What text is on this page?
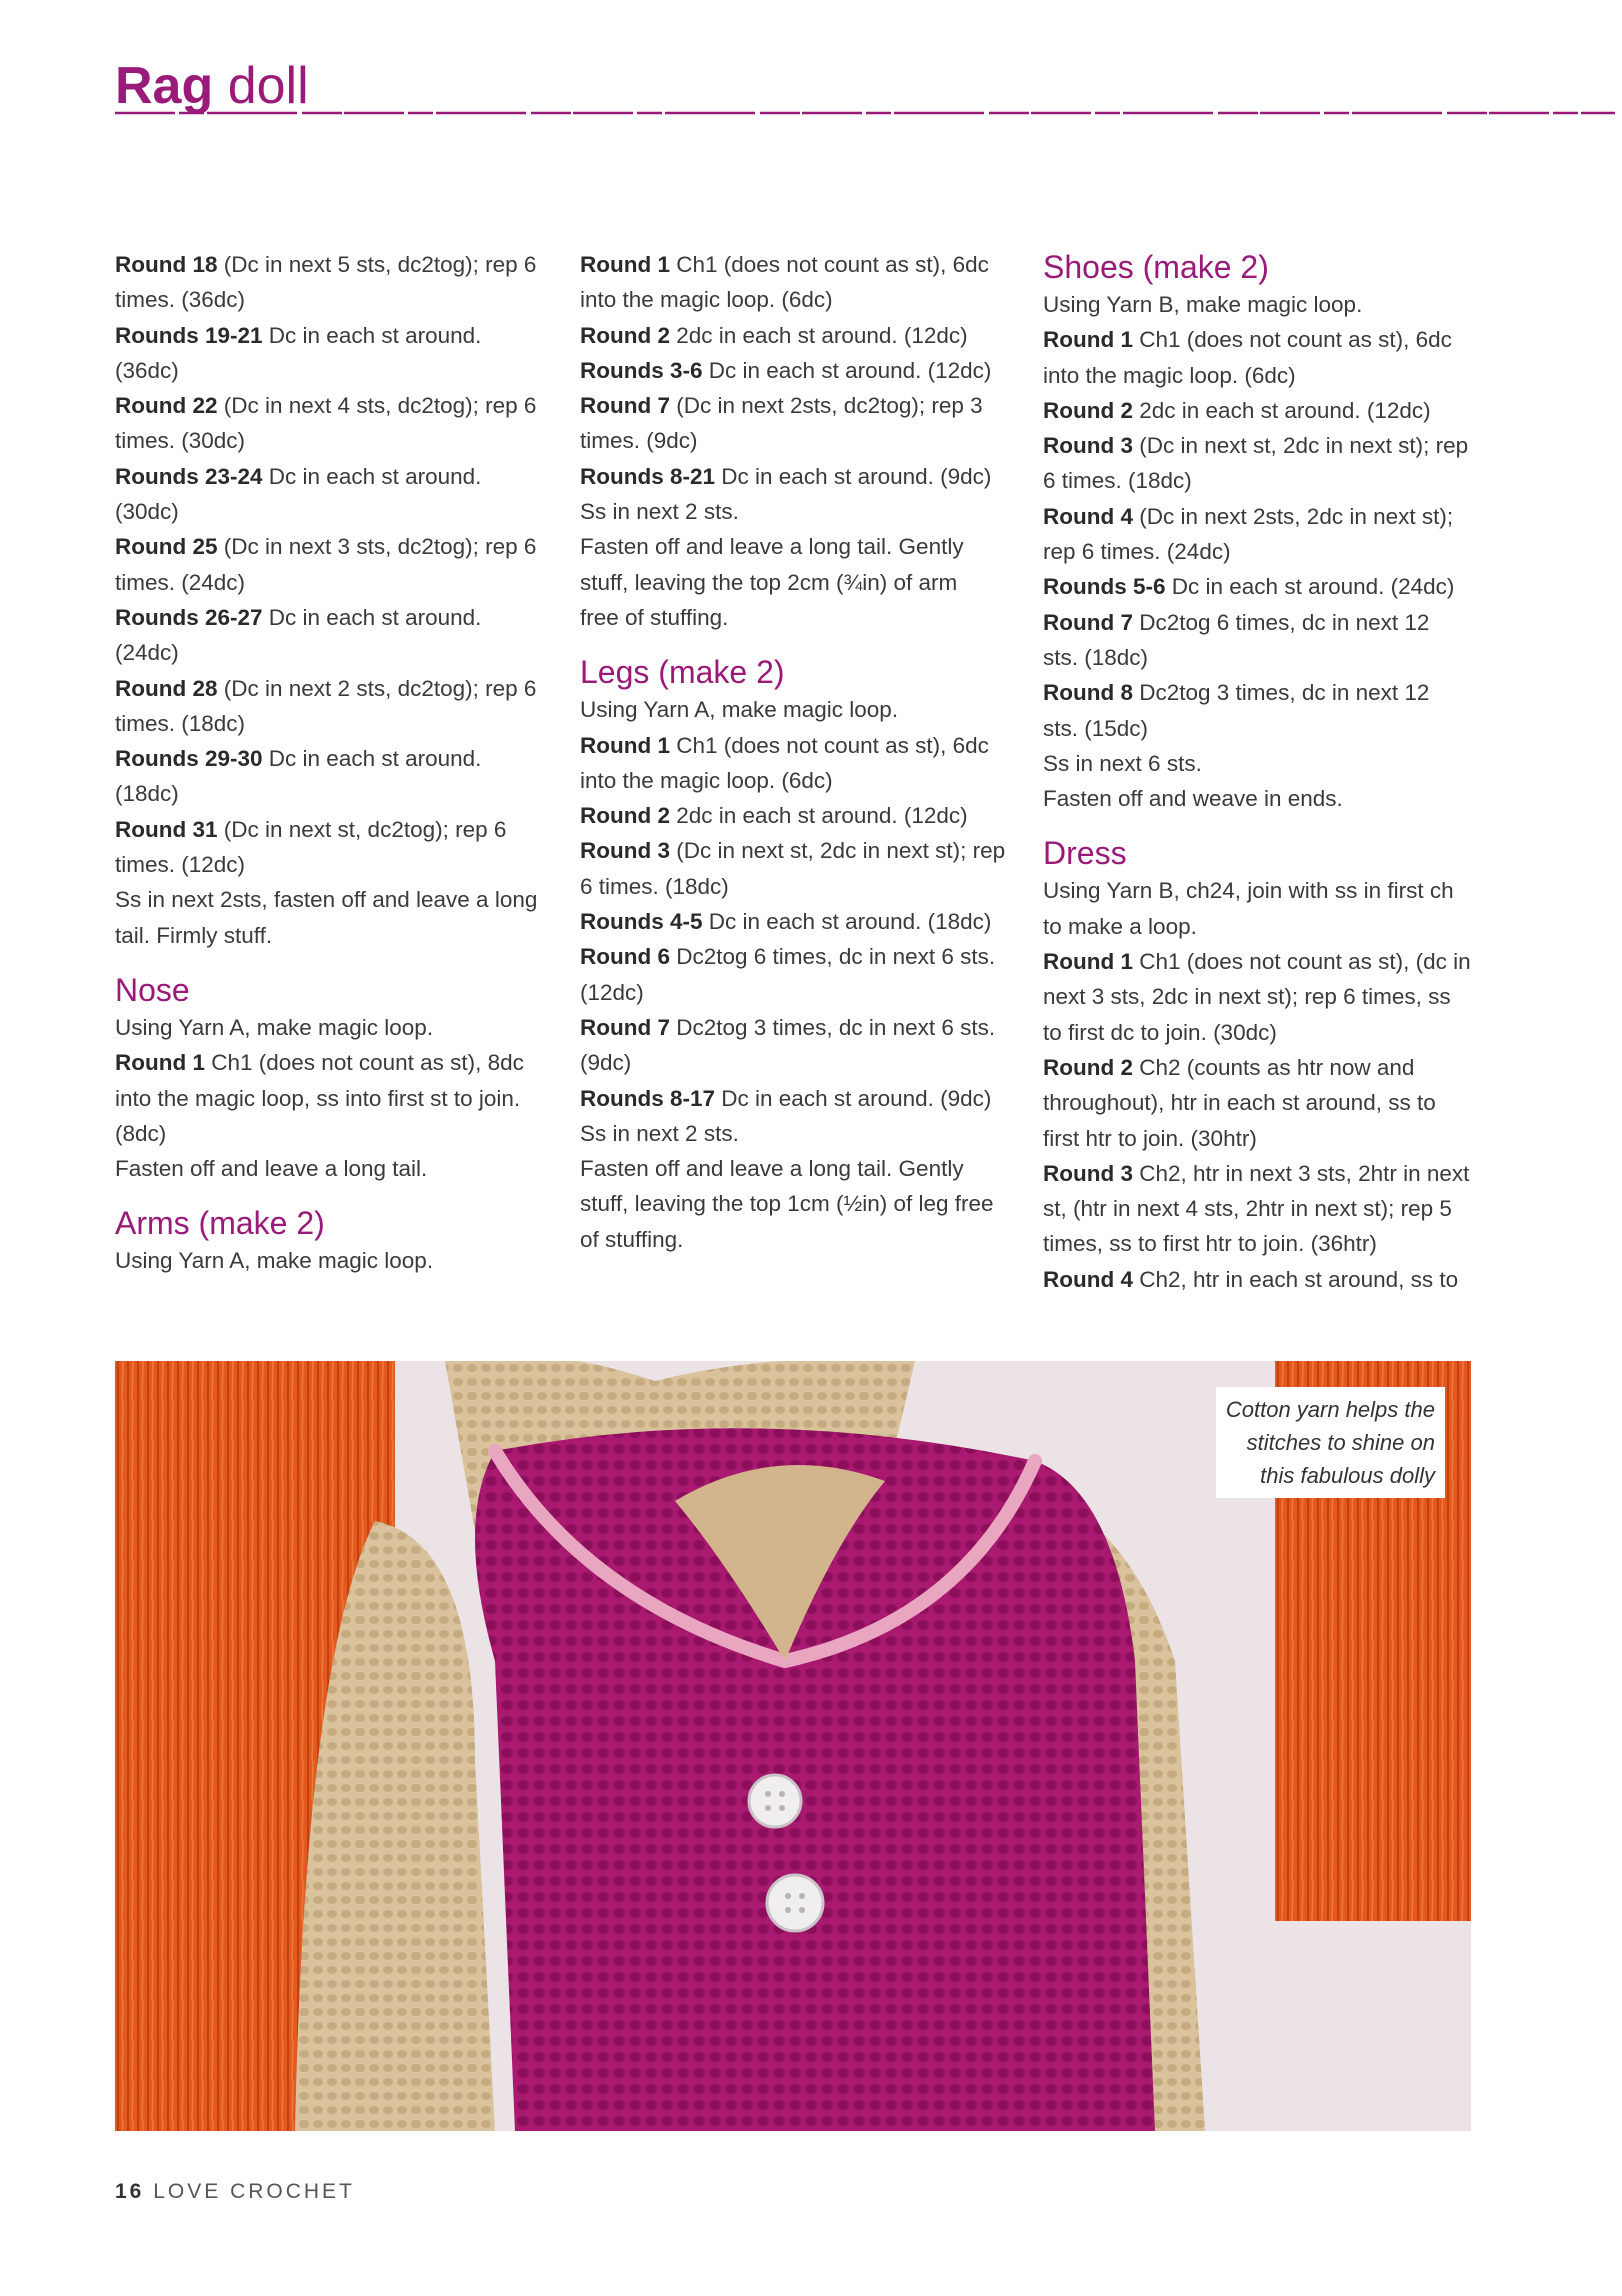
Rag doll
Round 18 (Dc in next 5 sts, dc2tog); rep 6
times. (36dc)
Rounds 19-21 Dc in each st around.
(36dc)
Round 22 (Dc in next 4 sts, dc2tog); rep 6
times. (30dc)
Rounds 23-24 Dc in each st around.
(30dc)
Round 25 (Dc in next 3 sts, dc2tog); rep 6
times. (24dc)
Rounds 26-27 Dc in each st around.
(24dc)
Round 28 (Dc in next 2 sts, dc2tog); rep 6
times. (18dc)
Rounds 29-30 Dc in each st around.
(18dc)
Round 31 (Dc in next st, dc2tog); rep 6
times. (12dc)
Ss in next 2sts, fasten off and leave a long
tail. Firmly stuff.
Nose
Using Yarn A, make magic loop.
Round 1 Ch1 (does not count as st), 8dc
into the magic loop, ss into first st to join.
(8dc)
Fasten off and leave a long tail.
Arms (make 2)
Using Yarn A, make magic loop.
Round 1 Ch1 (does not count as st), 6dc
into the magic loop. (6dc)
Round 2 2dc in each st around. (12dc)
Rounds 3-6 Dc in each st around. (12dc)
Round 7 (Dc in next 2sts, dc2tog); rep 3
times. (9dc)
Rounds 8-21 Dc in each st around. (9dc)
Ss in next 2 sts.
Fasten off and leave a long tail. Gently
stuff, leaving the top 2cm (¾in) of arm
free of stuffing.
Legs (make 2)
Using Yarn A, make magic loop.
Round 1 Ch1 (does not count as st), 6dc
into the magic loop. (6dc)
Round 2 2dc in each st around. (12dc)
Round 3 (Dc in next st, 2dc in next st); rep
6 times. (18dc)
Rounds 4-5 Dc in each st around. (18dc)
Round 6 Dc2tog 6 times, dc in next 6 sts.
(12dc)
Round 7 Dc2tog 3 times, dc in next 6 sts.
(9dc)
Rounds 8-17 Dc in each st around. (9dc)
Ss in next 2 sts.
Fasten off and leave a long tail. Gently
stuff, leaving the top 1cm (½in) of leg free
of stuffing.
Shoes (make 2)
Using Yarn B, make magic loop.
Round 1 Ch1 (does not count as st), 6dc
into the magic loop. (6dc)
Round 2 2dc in each st around. (12dc)
Round 3 (Dc in next st, 2dc in next st); rep
6 times. (18dc)
Round 4 (Dc in next 2sts, 2dc in next st);
rep 6 times. (24dc)
Rounds 5-6 Dc in each st around. (24dc)
Round 7 Dc2tog 6 times, dc in next 12
sts. (18dc)
Round 8 Dc2tog 3 times, dc in next 12
sts. (15dc)
Ss in next 6 sts.
Fasten off and weave in ends.
Dress
Using Yarn B, ch24, join with ss in first ch
to make a loop.
Round 1 Ch1 (does not count as st), (dc in
next 3 sts, 2dc in next st); rep 6 times, ss
to first dc to join. (30dc)
Round 2 Ch2 (counts as htr now and
throughout), htr in each st around, ss to
first htr to join. (30htr)
Round 3 Ch2, htr in next 3 sts, 2htr in next
st, (htr in next 4 sts, 2htr in next st); rep 5
times, ss to first htr to join. (36htr)
Round 4 Ch2, htr in each st around, ss to
Cotton yarn helps the
stitches to shine on
this fabulous dolly
16 LOVE CROCHET
